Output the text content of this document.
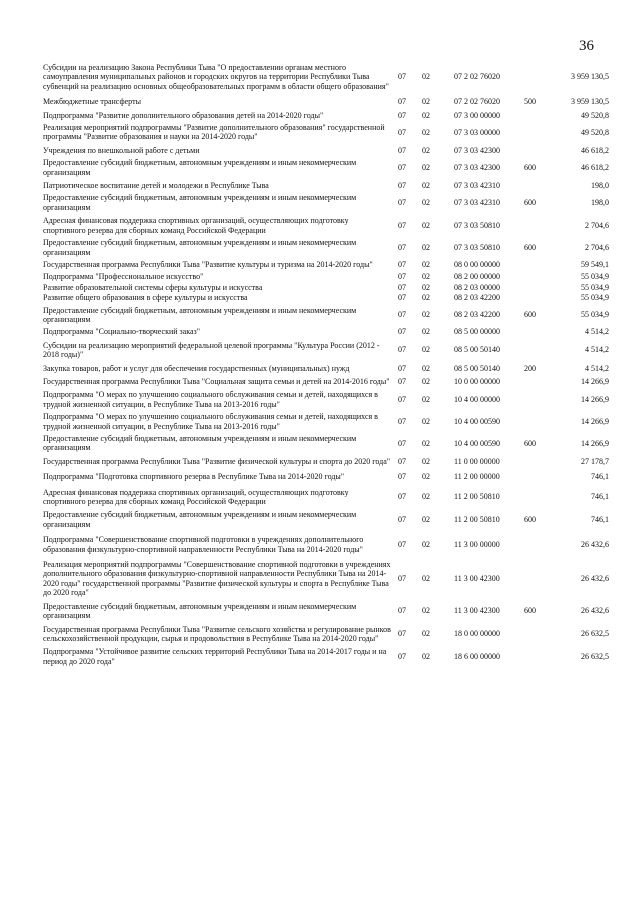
36
Субсидии на реализацию Закона Республики Тыва "О предоставлении органам местного самоуправления муниципальных районов и городских округов на территории Республики Тыва субвенций на реализацию основных общеобразовательных программ в области общего образования"
07	02	07 2 02 76020	3 959 130,5
Межбюджетные трансферты	07	02	07 2 02 76020	500	3 959 130,5
Подпрограмма "Развитие дополнительного образования детей на 2014-2020 годы"	07	02	07 3 00 00000	49 520,8
Реализация мероприятий подпрограммы "Развитие дополнительного образования" государственной программы "Развитие образования и науки на 2014-2020 годы"
07	02	07 3 03 00000	49 520,8
Учреждения по внешкольной работе с детьми	07	02	07 3 03 42300	46 618,2
Предоставление субсидий бюджетным, автономным учреждениям и иным некоммерческим организациям
07	02	07 3 03 42300	600	46 618,2
Патриотическое воспитание детей и молодежи в Республике Тыва	07	02	07 3 03 42310	198,0
Предоставление субсидий бюджетным, автономным учреждениям и иным некоммерческим организациям
07	02	07 3 03 42310	600	198,0
Адресная финансовая поддержка спортивных организаций, осуществляющих подготовку спортивного резерва для сборных команд Российской Федерации
07	02	07 3 03 50810	2 704,6
Предоставление субсидий бюджетным, автономным учреждениям и иным некоммерческим организациям
07	02	07 3 03 50810	600	2 704,6
Государственная программа Республики Тыва "Развитие культуры и туризма на 2014-2020 годы"	07	02	08 0 00 00000	59 549,1
Подпрограмма "Профессиональное искусство"	07	02	08 2 00 00000	55 034,9
Развитие образовательной системы сферы культуры и искусства	07	02	08 2 03 00000	55 034,9
Развитие общего образования в сфере культуры и искусства	07	02	08 2 03 42200	55 034,9
Предоставление субсидий бюджетным, автономным учреждениям и иным некоммерческим организациям
07	02	08 2 03 42200	600	55 034,9
Подпрограмма "Социально-творческий заказ"	07	02	08 5 00 00000	4 514,2
Субсидии на реализацию мероприятий федеральной целевой программы "Культура России (2012 - 2018 годы)"
07	02	08 5 00 50140	4 514,2
Закупка товаров, работ и услуг для обеспечения государственных (муниципальных) нужд	07	02	08 5 00 50140	200	4 514,2
Государственная программа Республики Тыва "Социальная защита семьи и детей на 2014-2016 годы"	07	02	10 0 00 00000	14 266,9
Подпрограмма "О мерах по улучшению социального обслуживания семьи и детей, находящихся в трудной жизненной ситуации, в Республике Тыва на 2013-2016 годы"
07	02	10 4 00 00000	14 266,9
Подпрограмма "О мерах по улучшению социального обслуживания семьи и детей, находящихся в трудной жизненной ситуации, в Республике Тыва на 2013-2016 годы"
07	02	10 4 00 00590	14 266,9
Предоставление субсидий бюджетным, автономным учреждениям и иным некоммерческим организациям
07	02	10 4 00 00590	600	14 266,9
Государственная программа Республики Тыва "Развитие физической культуры и спорта до 2020 года" 07	02	11 0 00 00000	27 178,7
Подпрограмма "Подготовка спортивного резерва в Республике Тыва на 2014-2020 годы"	07	02	11 2 00 00000	746,1
Адресная финансовая поддержка спортивных организаций, осуществляющих подготовку спортивного резерва для сборных команд Российской Федерации
07	02	11 2 00 50810	746,1
Предоставление субсидий бюджетным, автономным учреждениям и иным некоммерческим организациям
07	02	11 2 00 50810	600	746,1
Подпрограмма "Совершенствование спортивной подготовки в учреждениях дополнительного образования физкультурно-спортивной направленности Республики Тыва на 2014-2020 годы"
07	02	11 3 00 00000	26 432,6
Реализация мероприятий подпрограммы "Совершенствование спортивной подготовки в учреждениях дополнительного образования физкультурно-спортивной направленности Республики Тыва на 2014-2020 годы" государственной программы "Развитие физической культуры и спорта в Республике Тыва до 2020 года"
07	02	11 3 00 42300	26 432,6
Предоставление субсидий бюджетным, автономным учреждениям и иным некоммерческим организациям
07	02	11 3 00 42300	600	26 432,6
Государственная программа Республики Тыва "Развитие сельского хозяйства и регулирование рынков сельскохозяйственной продукции, сырья и продовольствия в Республике Тыва на 2014-2020 годы"
07	02	18 0 00 00000	26 632,5
Подпрограмма "Устойчивое развитие сельских территорий Республики Тыва на 2014-2017 годы и на период до 2020 года"
07	02	18 6 00 00000	26 632,5
